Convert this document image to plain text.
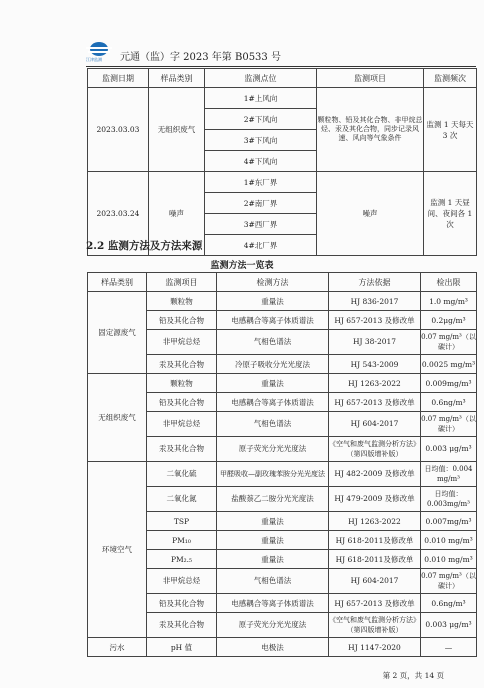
江津监测 元通（监）字 2023 年第 B0533 号
监测日期	样品类别	监测点位	监测项目	监测频次
2023.03.03	无组织废气	1#上风向	颗粒物、铅及其化合物、非甲烷总烃、汞及其化合物，同步记录风速、风向等气象条件	监测 1 天每天 3 次
		2#下风向		
		3#下风向		
		4#下风向		
2023.03.24	噪声	1#东厂界	噪声	监测 1 天昼间、夜间各 1 次
		2#南厂界		
		3#西厂界		
		4#北厂界		
2.2 监测方法及方法来源
监测方法一览表
样品类别	监测项目	检测方法	方法依据	检出限
固定源废气	颗粒物	重量法	HJ 836-2017	1.0 mg/m³
	铅及其化合物	电感耦合等离子体质谱法	HJ 657-2013 及修改单	0.2μg/m³
	非甲烷总烃	气相色谱法	HJ 38-2017	0.07 mg/m³（以碳计）
	汞及其化合物	冷原子吸收分光光度法	HJ 543-2009	0.0025 mg/m³
无组织废气	颗粒物	重量法	HJ 1263-2022	0.009mg/m³
	铅及其化合物	电感耦合等离子体质谱法	HJ 657-2013 及修改单	0.6ng/m³
	非甲烷总烃	气相色谱法	HJ 604-2017	0.07 mg/m³（以碳计）
	汞及其化合物	原子荧光分光光度法	《空气和废气监测分析方法》（第四版增补版）	0.003 μg/m³
环境空气	二氧化硫	甲醛吸收—副玫瑰苯胺分光光度法	HJ 482-2009 及修改单	日均值：0.004 mg/m³
	二氧化氮	盐酸萘乙二胺分光光度法	HJ 479-2009 及修改单	日均值：0.003mg/m³
	TSP	重量法	HJ 1263-2022	0.007mg/m³
	PM₁₀	重量法	HJ 618-2011及修改单	0.010 mg/m³
	PM₂.₅	重量法	HJ 618-2011及修改单	0.010 mg/m³
	非甲烷总烃	气相色谱法	HJ 604-2017	0.07 mg/m³（以碳计）
	铅及其化合物	电感耦合等离子体质谱法	HJ 657-2013 及修改单	0.6ng/m³
	汞及其化合物	原子荧光分光光度法	《空气和废气监测分析方法》（第四版增补版）	0.003 μg/m³
污水	pH 值	电极法	HJ 1147-2020	—
第 2 页，共 14 页
